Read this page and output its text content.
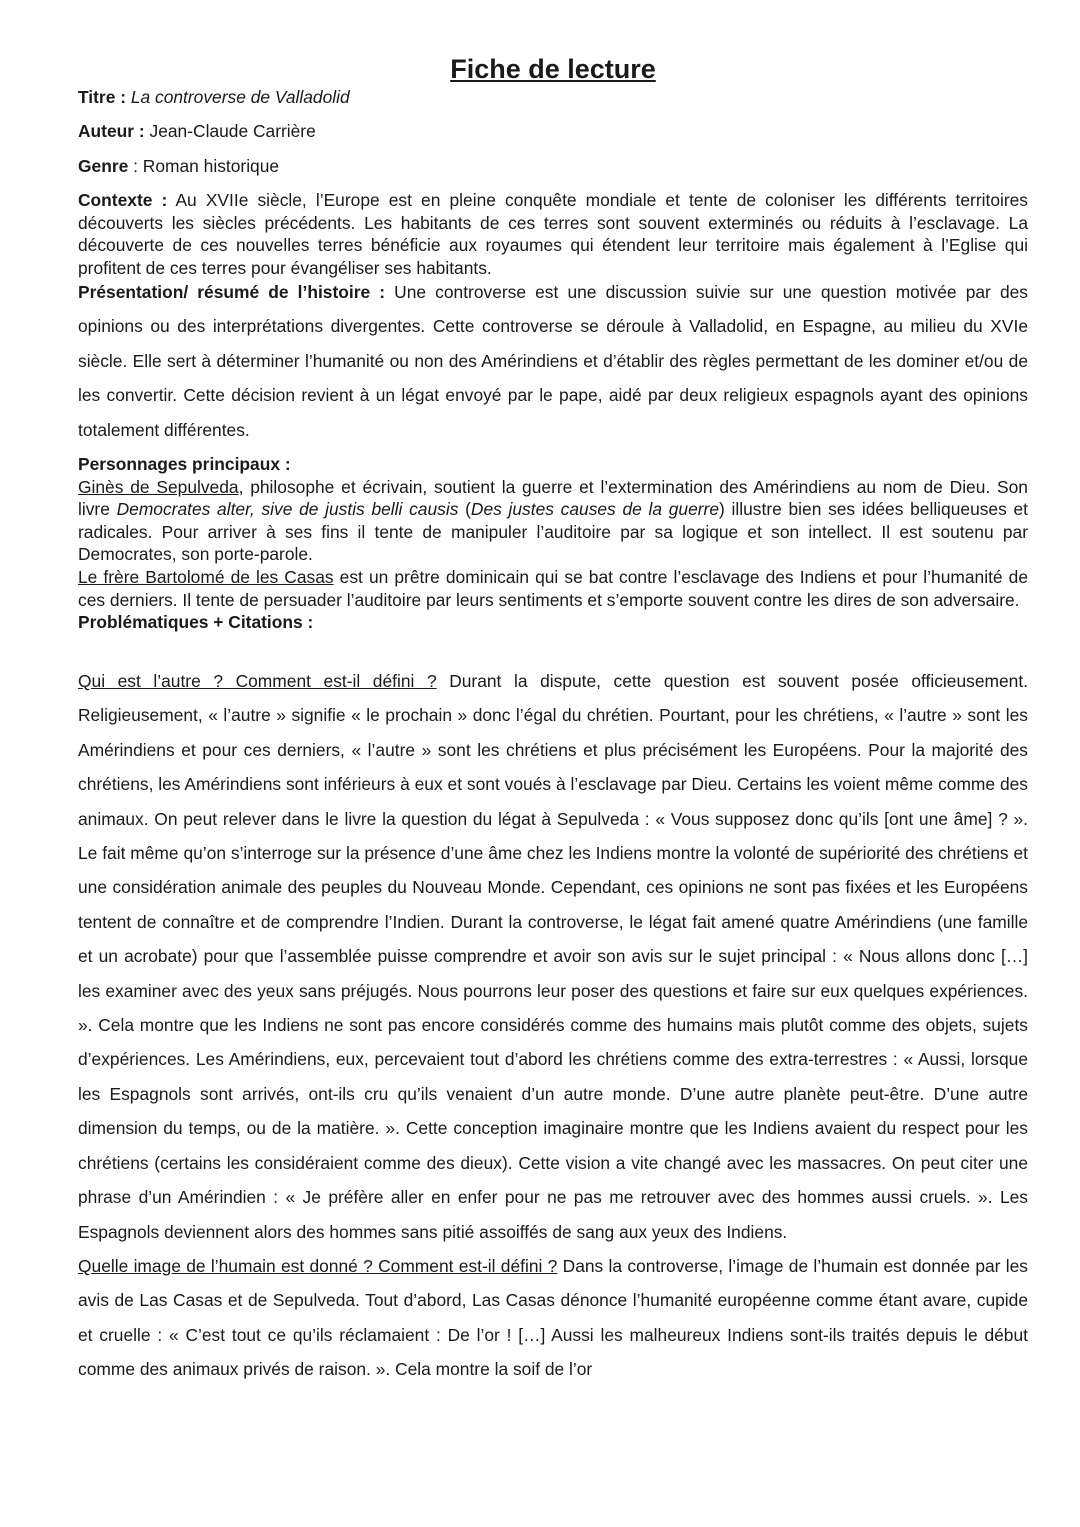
Fiche de lecture
Titre : La controverse de Valladolid
Auteur : Jean-Claude Carrière
Genre : Roman historique
Contexte : Au XVIIe siècle, l’Europe est en pleine conquête mondiale et tente de coloniser les différents territoires découverts les siècles précédents. Les habitants de ces terres sont souvent exterminés ou réduits à l’esclavage. La découverte de ces nouvelles terres bénéficie aux royaumes qui étendent leur territoire mais également à l’Eglise qui profitent de ces terres pour évangéliser ses habitants.
Présentation/ résumé de l’histoire : Une controverse est une discussion suivie sur une question motivée par des opinions ou des interprétations divergentes. Cette controverse se déroule à Valladolid, en Espagne, au milieu du XVIe siècle. Elle sert à déterminer l’humanité ou non des Amérindiens et d’établir des règles permettant de les dominer et/ou de les convertir. Cette décision revient à un légat envoyé par le pape, aidé par deux religieux espagnols ayant des opinions totalement différentes.
Personnages principaux :
Ginès de Sepulveda, philosophe et écrivain, soutient la guerre et l’extermination des Amérindiens au nom de Dieu. Son livre Democrates alter, sive de justis belli causis (Des justes causes de la guerre) illustre bien ses idées belliqueuses et radicales. Pour arriver à ses fins il tente de manipuler l’auditoire par sa logique et son intellect. Il est soutenu par Democrates, son porte-parole.
Le frère Bartolomé de les Casas est un prêtre dominicain qui se bat contre l’esclavage des Indiens et pour l’humanité de ces derniers. Il tente de persuader l’auditoire par leurs sentiments et s’emporte souvent contre les dires de son adversaire.
Problématiques + Citations :
Qui est l’autre ? Comment est-il défini ? Durant la dispute, cette question est souvent posée officieusement. Religieusement, « l’autre » signifie « le prochain » donc l’égal du chrétien. Pourtant, pour les chrétiens, « l’autre » sont les Amérindiens et pour ces derniers, « l’autre » sont les chrétiens et plus précisément les Européens. Pour la majorité des chrétiens, les Amérindiens sont inférieurs à eux et sont voués à l’esclavage par Dieu. Certains les voient même comme des animaux. On peut relever dans le livre la question du légat à Sepulveda : « Vous supposez donc qu’ils [ont une âme] ? ». Le fait même qu’on s’interroge sur la présence d’une âme chez les Indiens montre la volonté de supériorité des chrétiens et une considération animale des peuples du Nouveau Monde. Cependant, ces opinions ne sont pas fixées et les Européens tentent de connaître et de comprendre l’Indien. Durant la controverse, le légat fait amené quatre Amérindiens (une famille et un acrobate) pour que l’assemblée puisse comprendre et avoir son avis sur le sujet principal : « Nous allons donc […] les examiner avec des yeux sans préjugés. Nous pourrons leur poser des questions et faire sur eux quelques expériences. ». Cela montre que les Indiens ne sont pas encore considérés comme des humains mais plutôt comme des objets, sujets d’expériences. Les Amérindiens, eux, percevaient tout d’abord les chrétiens comme des extra-terrestres : « Aussi, lorsque les Espagnols sont arrivés, ont-ils cru qu’ils venaient d’un autre monde. D’une autre planète peut-être. D’une autre dimension du temps, ou de la matière. ». Cette conception imaginaire montre que les Indiens avaient du respect pour les chrétiens (certains les considéraient comme des dieux). Cette vision a vite changé avec les massacres. On peut citer une phrase d’un Amérindien : « Je préfère aller en enfer pour ne pas me retrouver avec des hommes aussi cruels. ». Les Espagnols deviennent alors des hommes sans pitié assoiffés de sang aux yeux des Indiens.
Quelle image de l’humain est donné ? Comment est-il défini ? Dans la controverse, l’image de l’humain est donnée par les avis de Las Casas et de Sepulveda. Tout d’abord, Las Casas dénonce l’humanité européenne comme étant avare, cupide et cruelle : « C’est tout ce qu’ils réclamaient : De l’or ! […] Aussi les malheureux Indiens sont-ils traités depuis le début comme des animaux privés de raison. ». Cela montre la soif de l’or
